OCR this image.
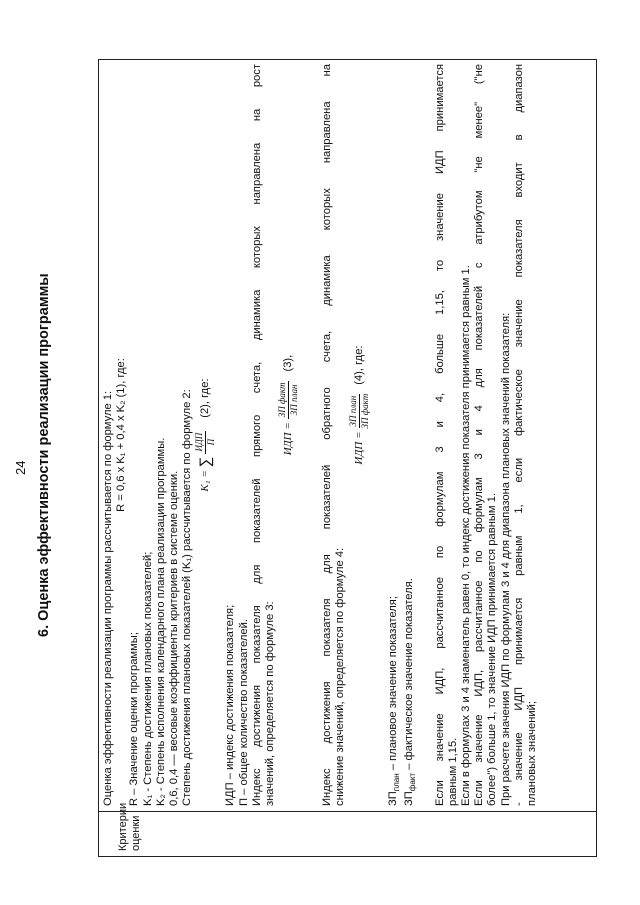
24 6. Оценка эффективности реализации программы
Критерии
оценки
Оценка эффективности реализации программы рассчитывается по формуле 1: R = 0,6 x K₁ + 0,4 x K₂ (1), где:
R – Значение оценки программы; K₁ - Степень достижения плановых показателей; K₂ - Степень исполнения календарного плана реализации программы. 0,6, 0,4 — весовые коэффициенты критериев в системе оценки. Степень достижения плановых показателей (K₁) рассчитывается по формуле 2: K₁ =
∑
ИДП П
(2), где:
ИДП – индекс достижения показателя; П – общее количество показателей. Индекс достижения показателя для показателей прямого счета, динамика которых направлена на рост значений, определяется по формуле 3:
ИДП =
ЗП факт ЗП план
(3), Индекс достижения показателя для показателей обратного счета, динамика которых направлена на снижение значений, определяется по формуле 4:
ИДП =
ЗП план ЗП факт
(4), где:
$ЗП_{план}$ – плановое значение показателя;
$ЗП_{факт}$ – фактическое значение показателя.	Если значение ИДП, рассчитанное по формулам 3 и 4, больше 1,15, то значение ИДП принимается равным 1,15. Если в формулах 3 и 4 знаменатель равен 0, то индекс достижения показателя принимается равным 1. Если значение ИДП, рассчитанное по формулам 3 и 4 для показателей с атрибутом "не менее" ("не более") больше 1, то значение ИДП принимается равным 1. При расчете значения ИДП по формулам 3 и 4 для диапазона плановых значений показателя: - значение ИДП принимается равным 1, если фактическое значение показателя входит в диапазон плановых значений;
